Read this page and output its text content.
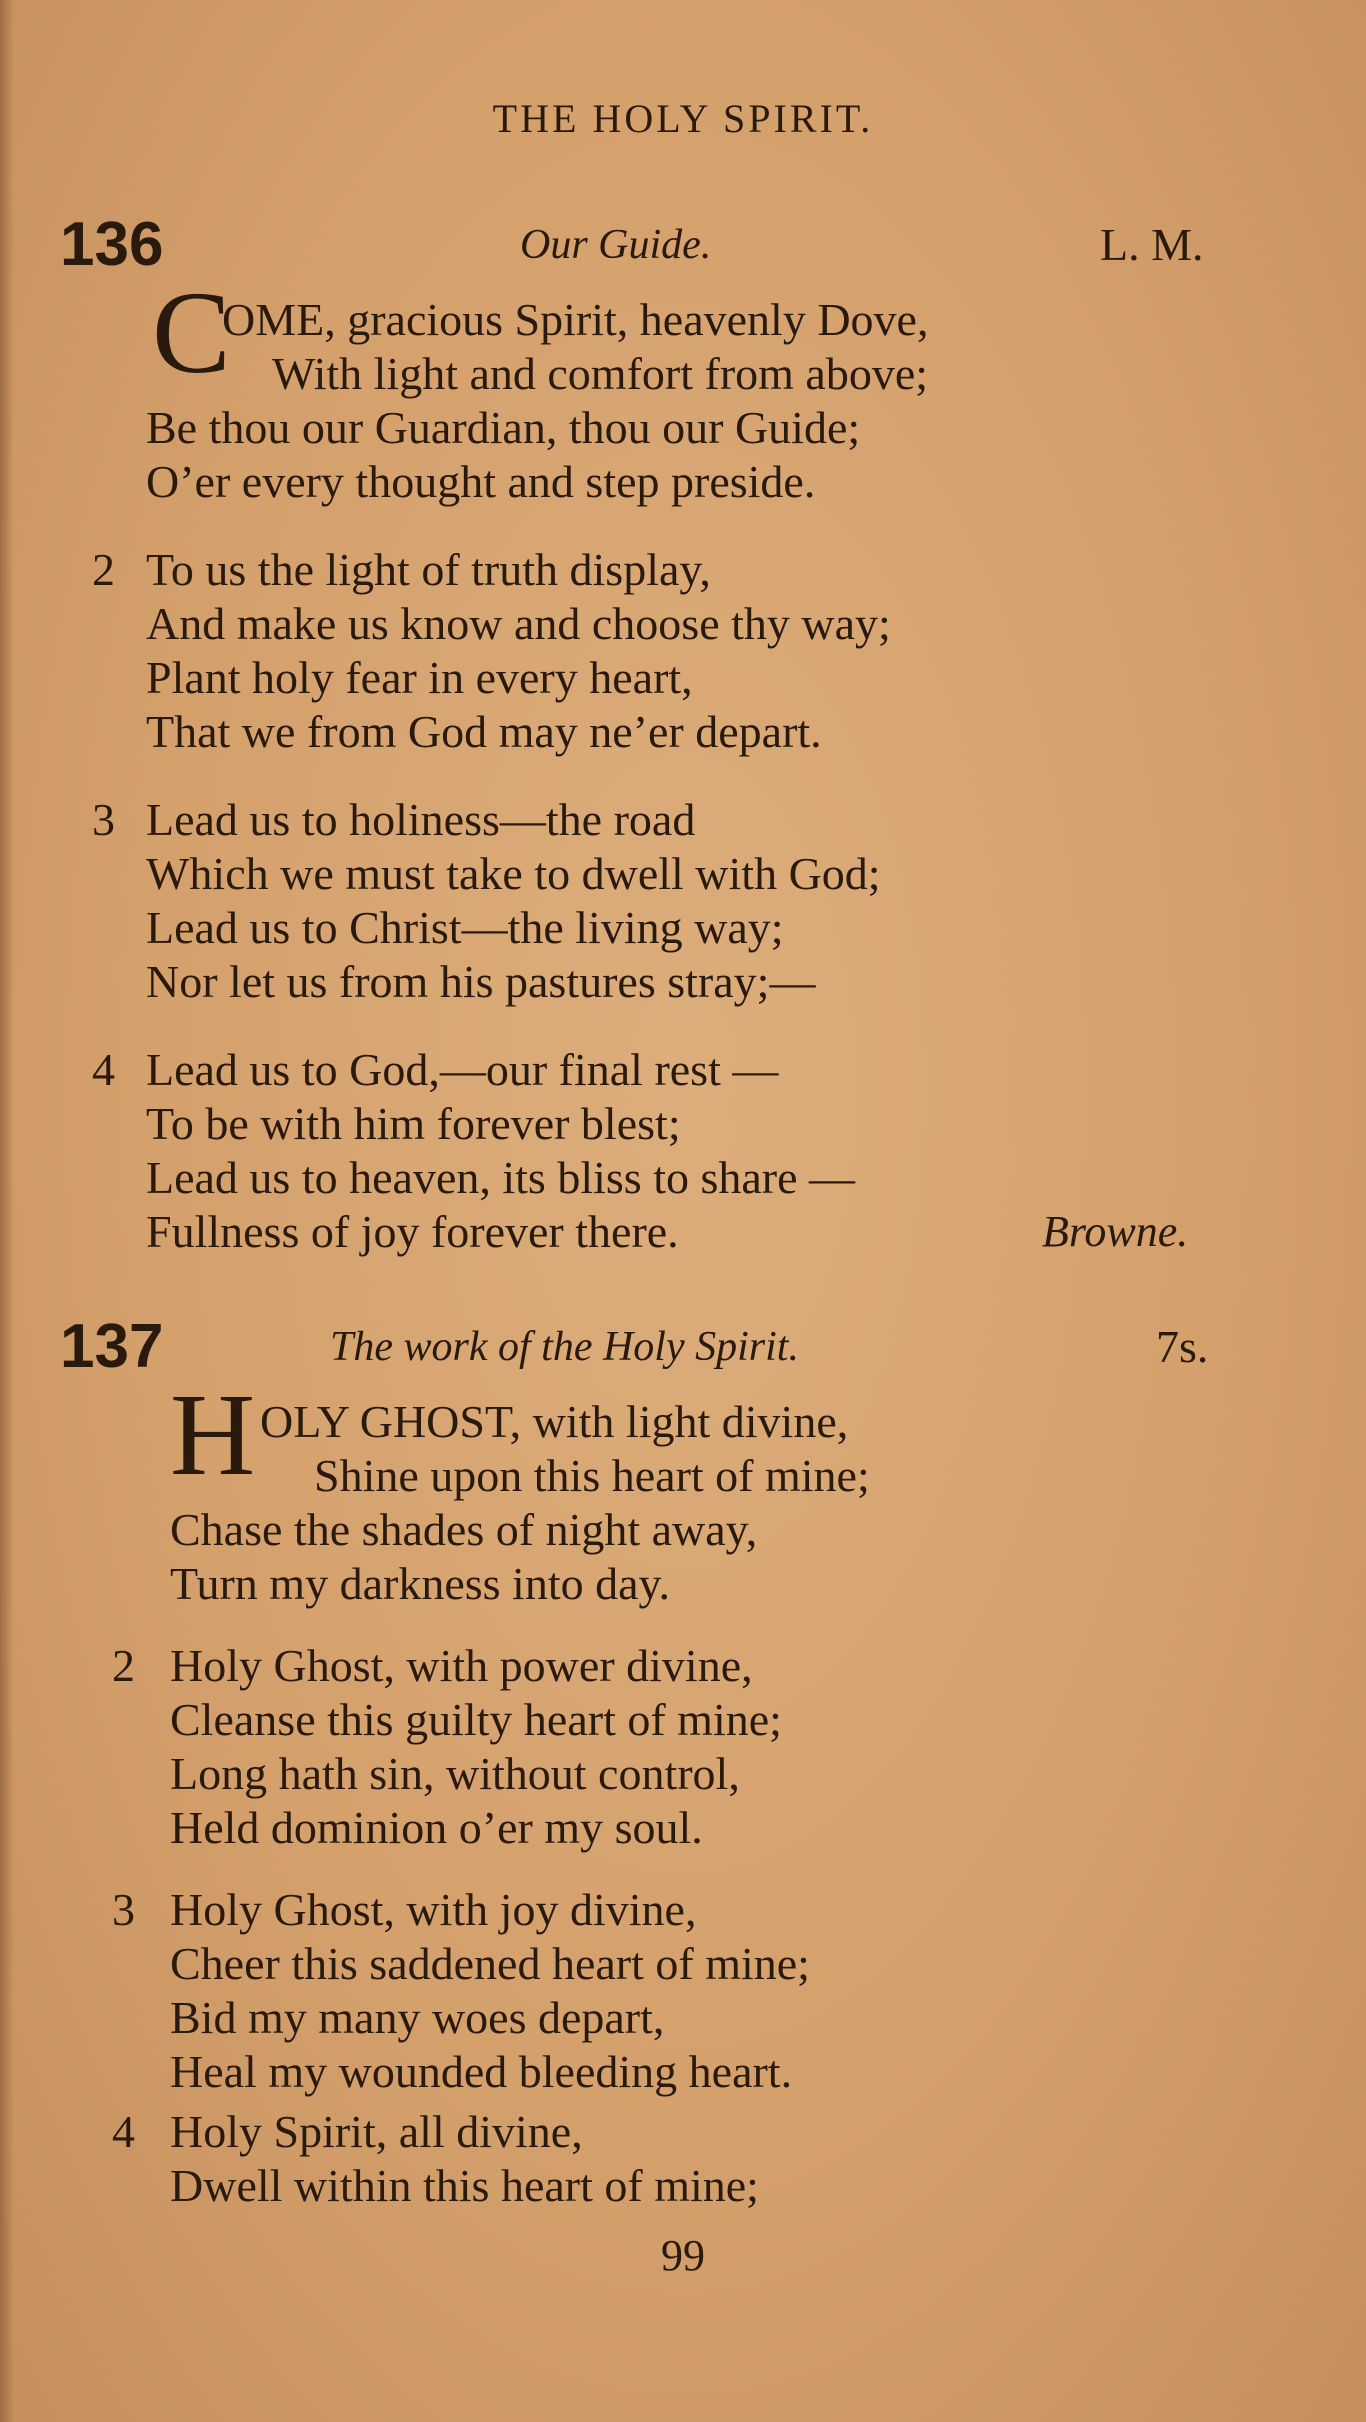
THE HOLY SPIRIT.
136	Our Guide.	L. M.
C
OME, gracious Spirit, heavenly Dove,
With light and comfort from above;
Be thou our Guardian, thou our Guide;
O’er every thought and step preside.
2 To us the light of truth display,
And make us know and choose thy way;
Plant holy fear in every heart,
That we from God may ne’er depart.
3 Lead us to holiness—the road
Which we must take to dwell with God;
Lead us to Christ—the living way;
Nor let us from his pastures stray;—
4 Lead us to God,—our final rest —
To be with him forever blest;
Lead us to heaven, its bliss to share —
Fullness of joy forever there.	Browne.
137	The work of the Holy Spirit.	7s.
H OLY GHOST, with light divine,
Shine upon this heart of mine;
Chase the shades of night away,
Turn my darkness into day.
2 Holy Ghost, with power divine,
Cleanse this guilty heart of mine;
Long hath sin, without control,
Held dominion o’er my soul.
3 Holy Ghost, with joy divine,
Cheer this saddened heart of mine;
Bid my many woes depart,
Heal my wounded bleeding heart.
4 Holy Spirit, all divine,
Dwell within this heart of mine;
99
